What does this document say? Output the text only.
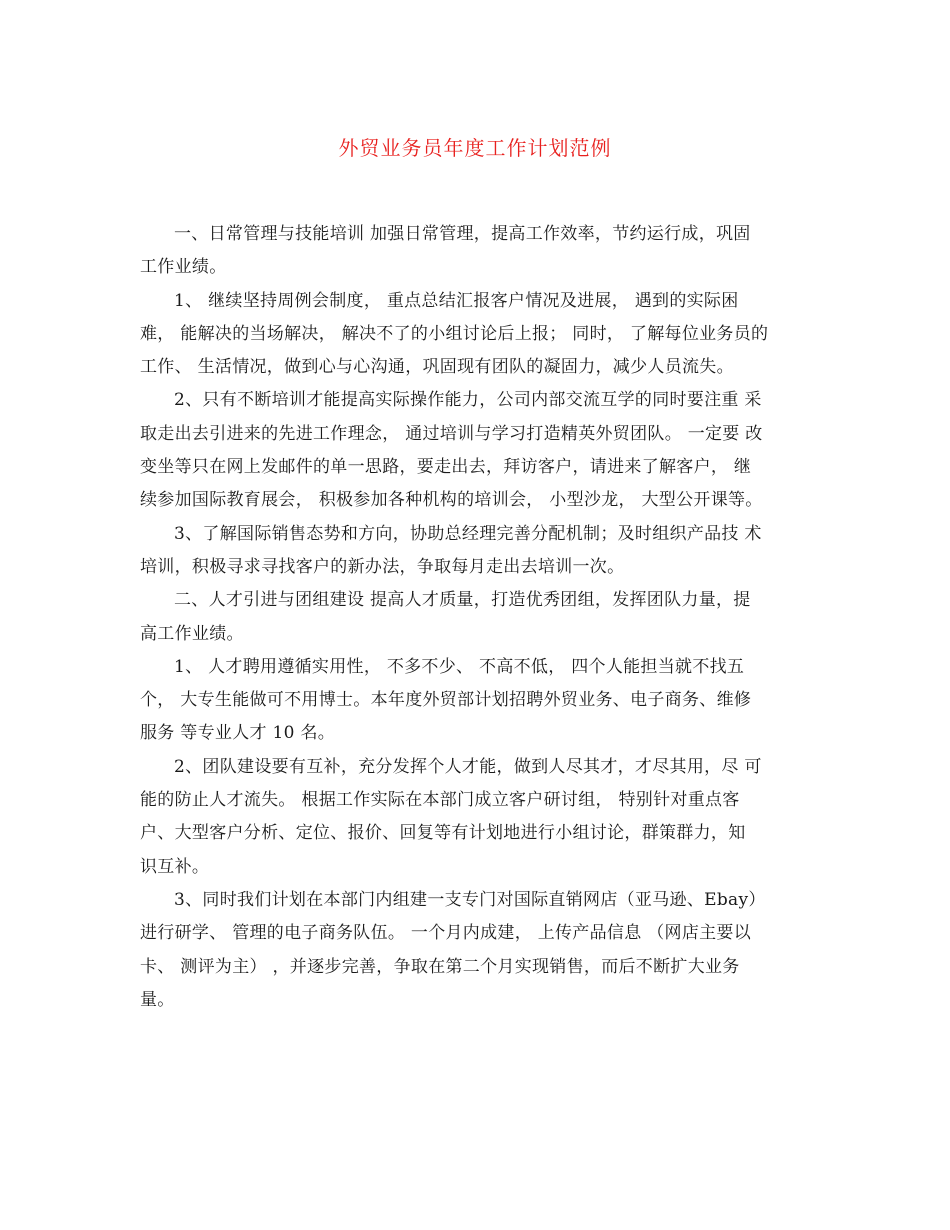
外贸业务员年度工作计划范例
一、日常管理与技能培训 加强日常管理，提高工作效率，节约运行成，巩固
工作业绩。
1、 继续坚持周例会制度， 重点总结汇报客户情况及进展， 遇到的实际困
难， 能解决的当场解决， 解决不了的小组讨论后上报； 同时， 了解每位业务员的
工作、 生活情况，做到心与心沟通，巩固现有团队的凝固力，减少人员流失。
2、只有不断培训才能提高实际操作能力，公司内部交流互学的同时要注重 采
取走出去引进来的先进工作理念， 通过培训与学习打造精英外贸团队。 一定要 改
变坐等只在网上发邮件的单一思路，要走出去，拜访客户，请进来了解客户， 继
续参加国际教育展会， 积极参加各种机构的培训会， 小型沙龙， 大型公开课等。
3、了解国际销售态势和方向，协助总经理完善分配机制；及时组织产品技 术
培训，积极寻求寻找客户的新办法，争取每月走出去培训一次。
二、人才引进与团组建设 提高人才质量，打造优秀团组，发挥团队力量，提
高工作业绩。
1、 人才聘用遵循实用性， 不多不少、 不高不低， 四个人能担当就不找五
个， 大专生能做可不用博士。本年度外贸部计划招聘外贸业务、电子商务、维修
服务 等专业人才 10 名。
2、团队建设要有互补，充分发挥个人才能，做到人尽其才，才尽其用，尽 可
能的防止人才流失。 根据工作实际在本部门成立客户研讨组， 特别针对重点客
户、大型客户分析、定位、报价、回复等有计划地进行小组讨论，群策群力，知
识互补。
3、同时我们计划在本部门内组建一支专门对国际直销网店（亚马逊、Ebay）
进行研学、 管理的电子商务队伍。 一个月内成建， 上传产品信息 （网店主要以
卡、 测评为主） ，并逐步完善，争取在第二个月实现销售，而后不断扩大业务
量。
